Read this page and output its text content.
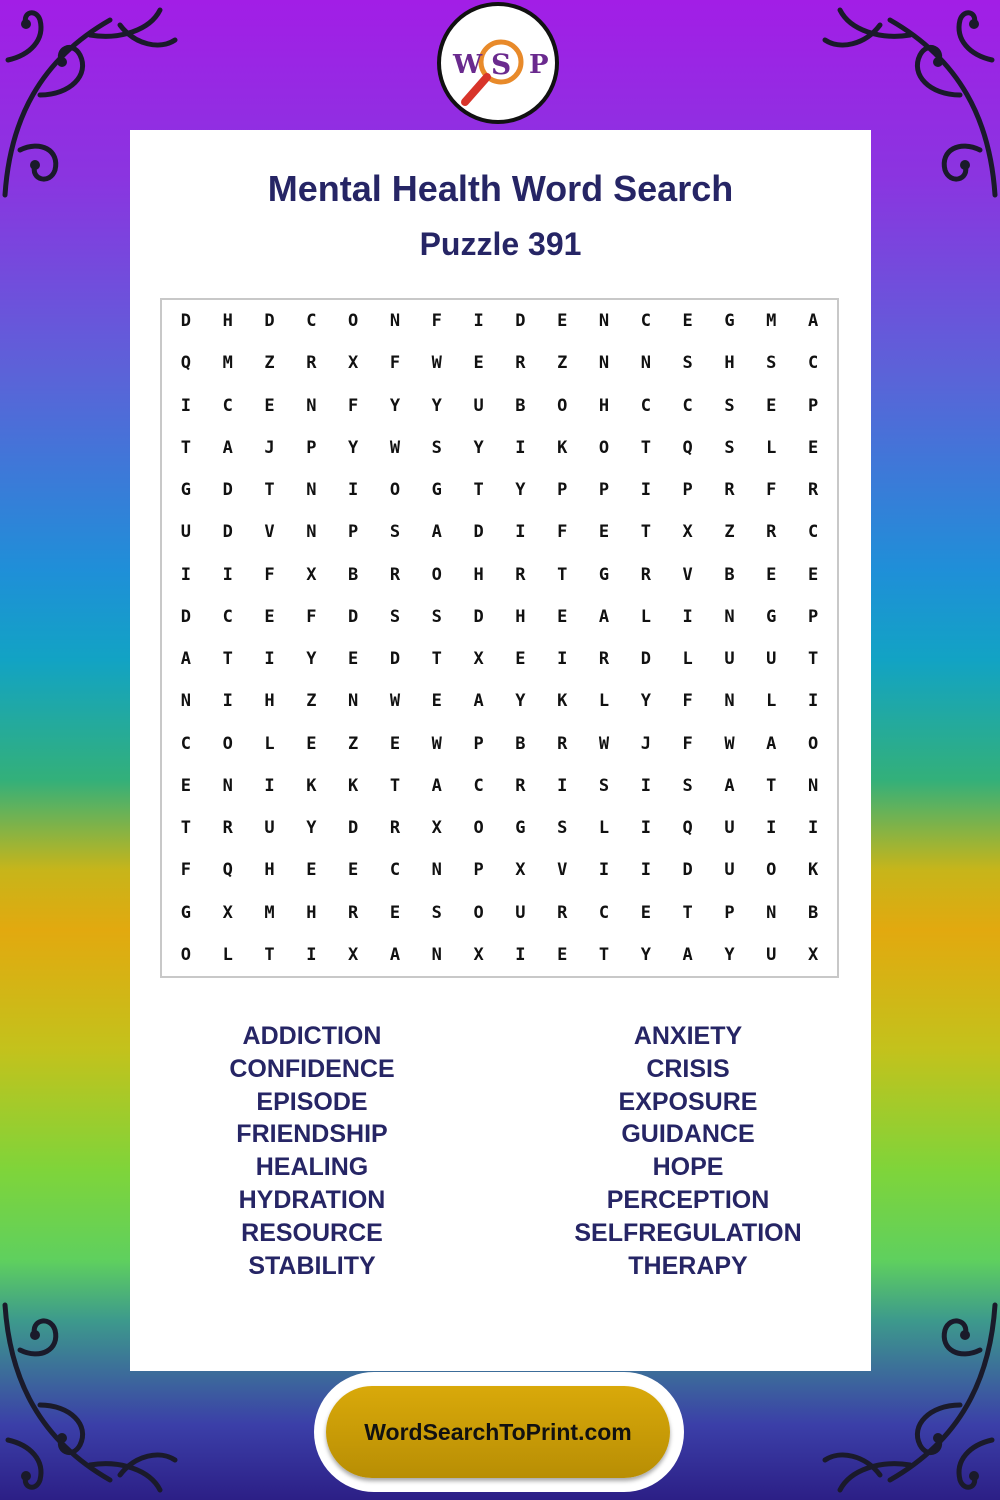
W S P
Mental Health Word Search
Puzzle 391
D	H	D	C	O	N	F	I	D	E	N	C	E	G	M	A
Q	M	Z	R	X	F	W	E	R	Z	N	N	S	H	S	C
I	C	E	N	F	Y	Y	U	B	O	H	C	C	S	E	P
T	A	J	P	Y	W	S	Y	I	K	O	T	Q	S	L	E
G	D	T	N	I	O	G	T	Y	P	P	I	P	R	F	R
U	D	V	N	P	S	A	D	I	F	E	T	X	Z	R	C
I	I	F	X	B	R	O	H	R	T	G	R	V	B	E	E
D	C	E	F	D	S	S	D	H	E	A	L	I	N	G	P
A	T	I	Y	E	D	T	X	E	I	R	D	L	U	U	T
N	I	H	Z	N	W	E	A	Y	K	L	Y	F	N	L	I
C	O	L	E	Z	E	W	P	B	R	W	J	F	W	A	O
E	N	I	K	K	T	A	C	R	I	S	I	S	A	T	N
T	R	U	Y	D	R	X	O	G	S	L	I	Q	U	I	I
F	Q	H	E	E	C	N	P	X	V	I	I	D	U	O	K
G	X	M	H	R	E	S	O	U	R	C	E	T	P	N	B
O	L	T	I	X	A	N	X	I	E	T	Y	A	Y	U	X
ADDICTION
CONFIDENCE
EPISODE
FRIENDSHIP
HEALING
HYDRATION
RESOURCE
STABILITY
ANXIETY
CRISIS
EXPOSURE
GUIDANCE
HOPE
PERCEPTION
SELFREGULATION
THERAPY
WordSearchToPrint.com
